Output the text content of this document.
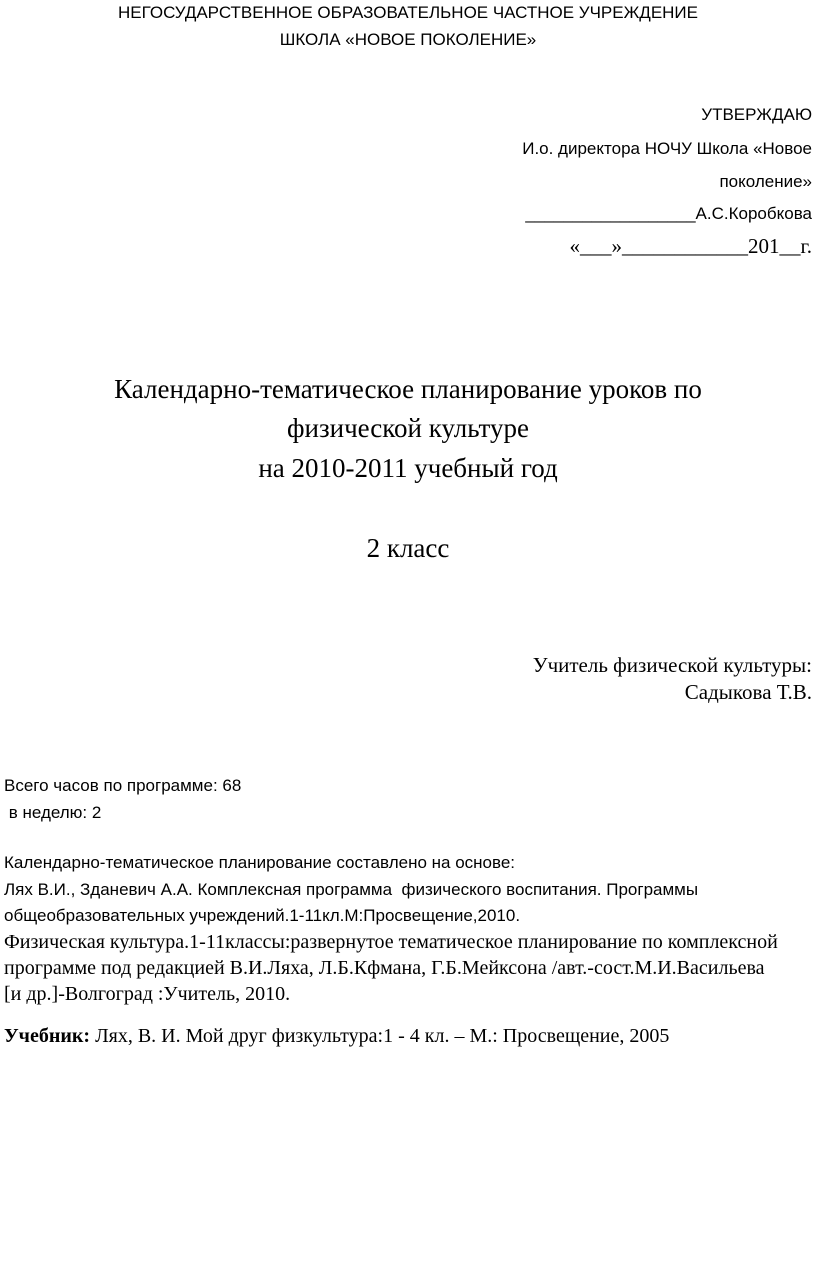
НЕГОСУДАРСТВЕННОЕ ОБРАЗОВАТЕЛЬНОЕ ЧАСТНОЕ УЧРЕЖДЕНИЕ
ШКОЛА «НОВОЕ ПОКОЛЕНИЕ»
УТВЕРЖДАЮ
И.о. директора НОЧУ Школа «Новое
поколение»
__________________А.С.Коробкова
«___»____________201__г.
Календарно-тематическое планирование уроков по
физической культуре
на 2010-2011 учебный год
2 класс
Учитель физической культуры:
Садыкова Т.В.
Всего часов по программе: 68
в неделю: 2
Календарно-тематическое планирование составлено на основе:
Лях В.И., Зданевич А.А. Комплексная программа  физического воспитания. Программы
общеобразовательных учреждений.1-11кл.М:Просвещение,2010.
Физическая культура.1-11классы:развернутое тематическое планирование по комплексной
программе под редакцией В.И.Ляха, Л.Б.Кфмана, Г.Б.Мейксона /авт.-сост.М.И.Васильева
[и др.]-Волгоград :Учитель, 2010.
Учебник: Лях, В. И. Мой друг физкультура:1 - 4 кл. – М.: Просвещение, 2005
